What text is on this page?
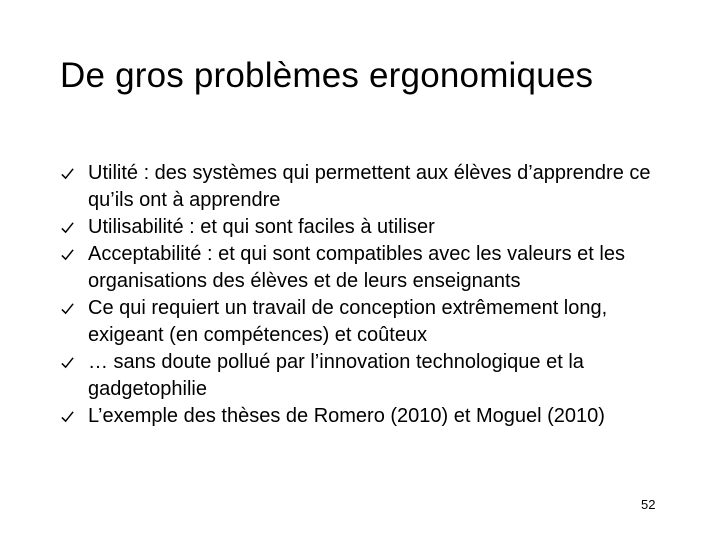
De gros problèmes ergonomiques
Utilité : des systèmes qui permettent aux élèves d’apprendre ce qu’ils ont à apprendre
Utilisabilité : et qui sont faciles à utiliser
Acceptabilité : et qui sont compatibles avec les valeurs et les organisations des élèves et de leurs enseignants
Ce qui requiert un travail de conception extrêmement long, exigeant (en compétences) et coûteux
… sans doute pollué par l’innovation technologique et la gadgetophilie
L’exemple des thèses de Romero (2010) et Moguel (2010)
52
